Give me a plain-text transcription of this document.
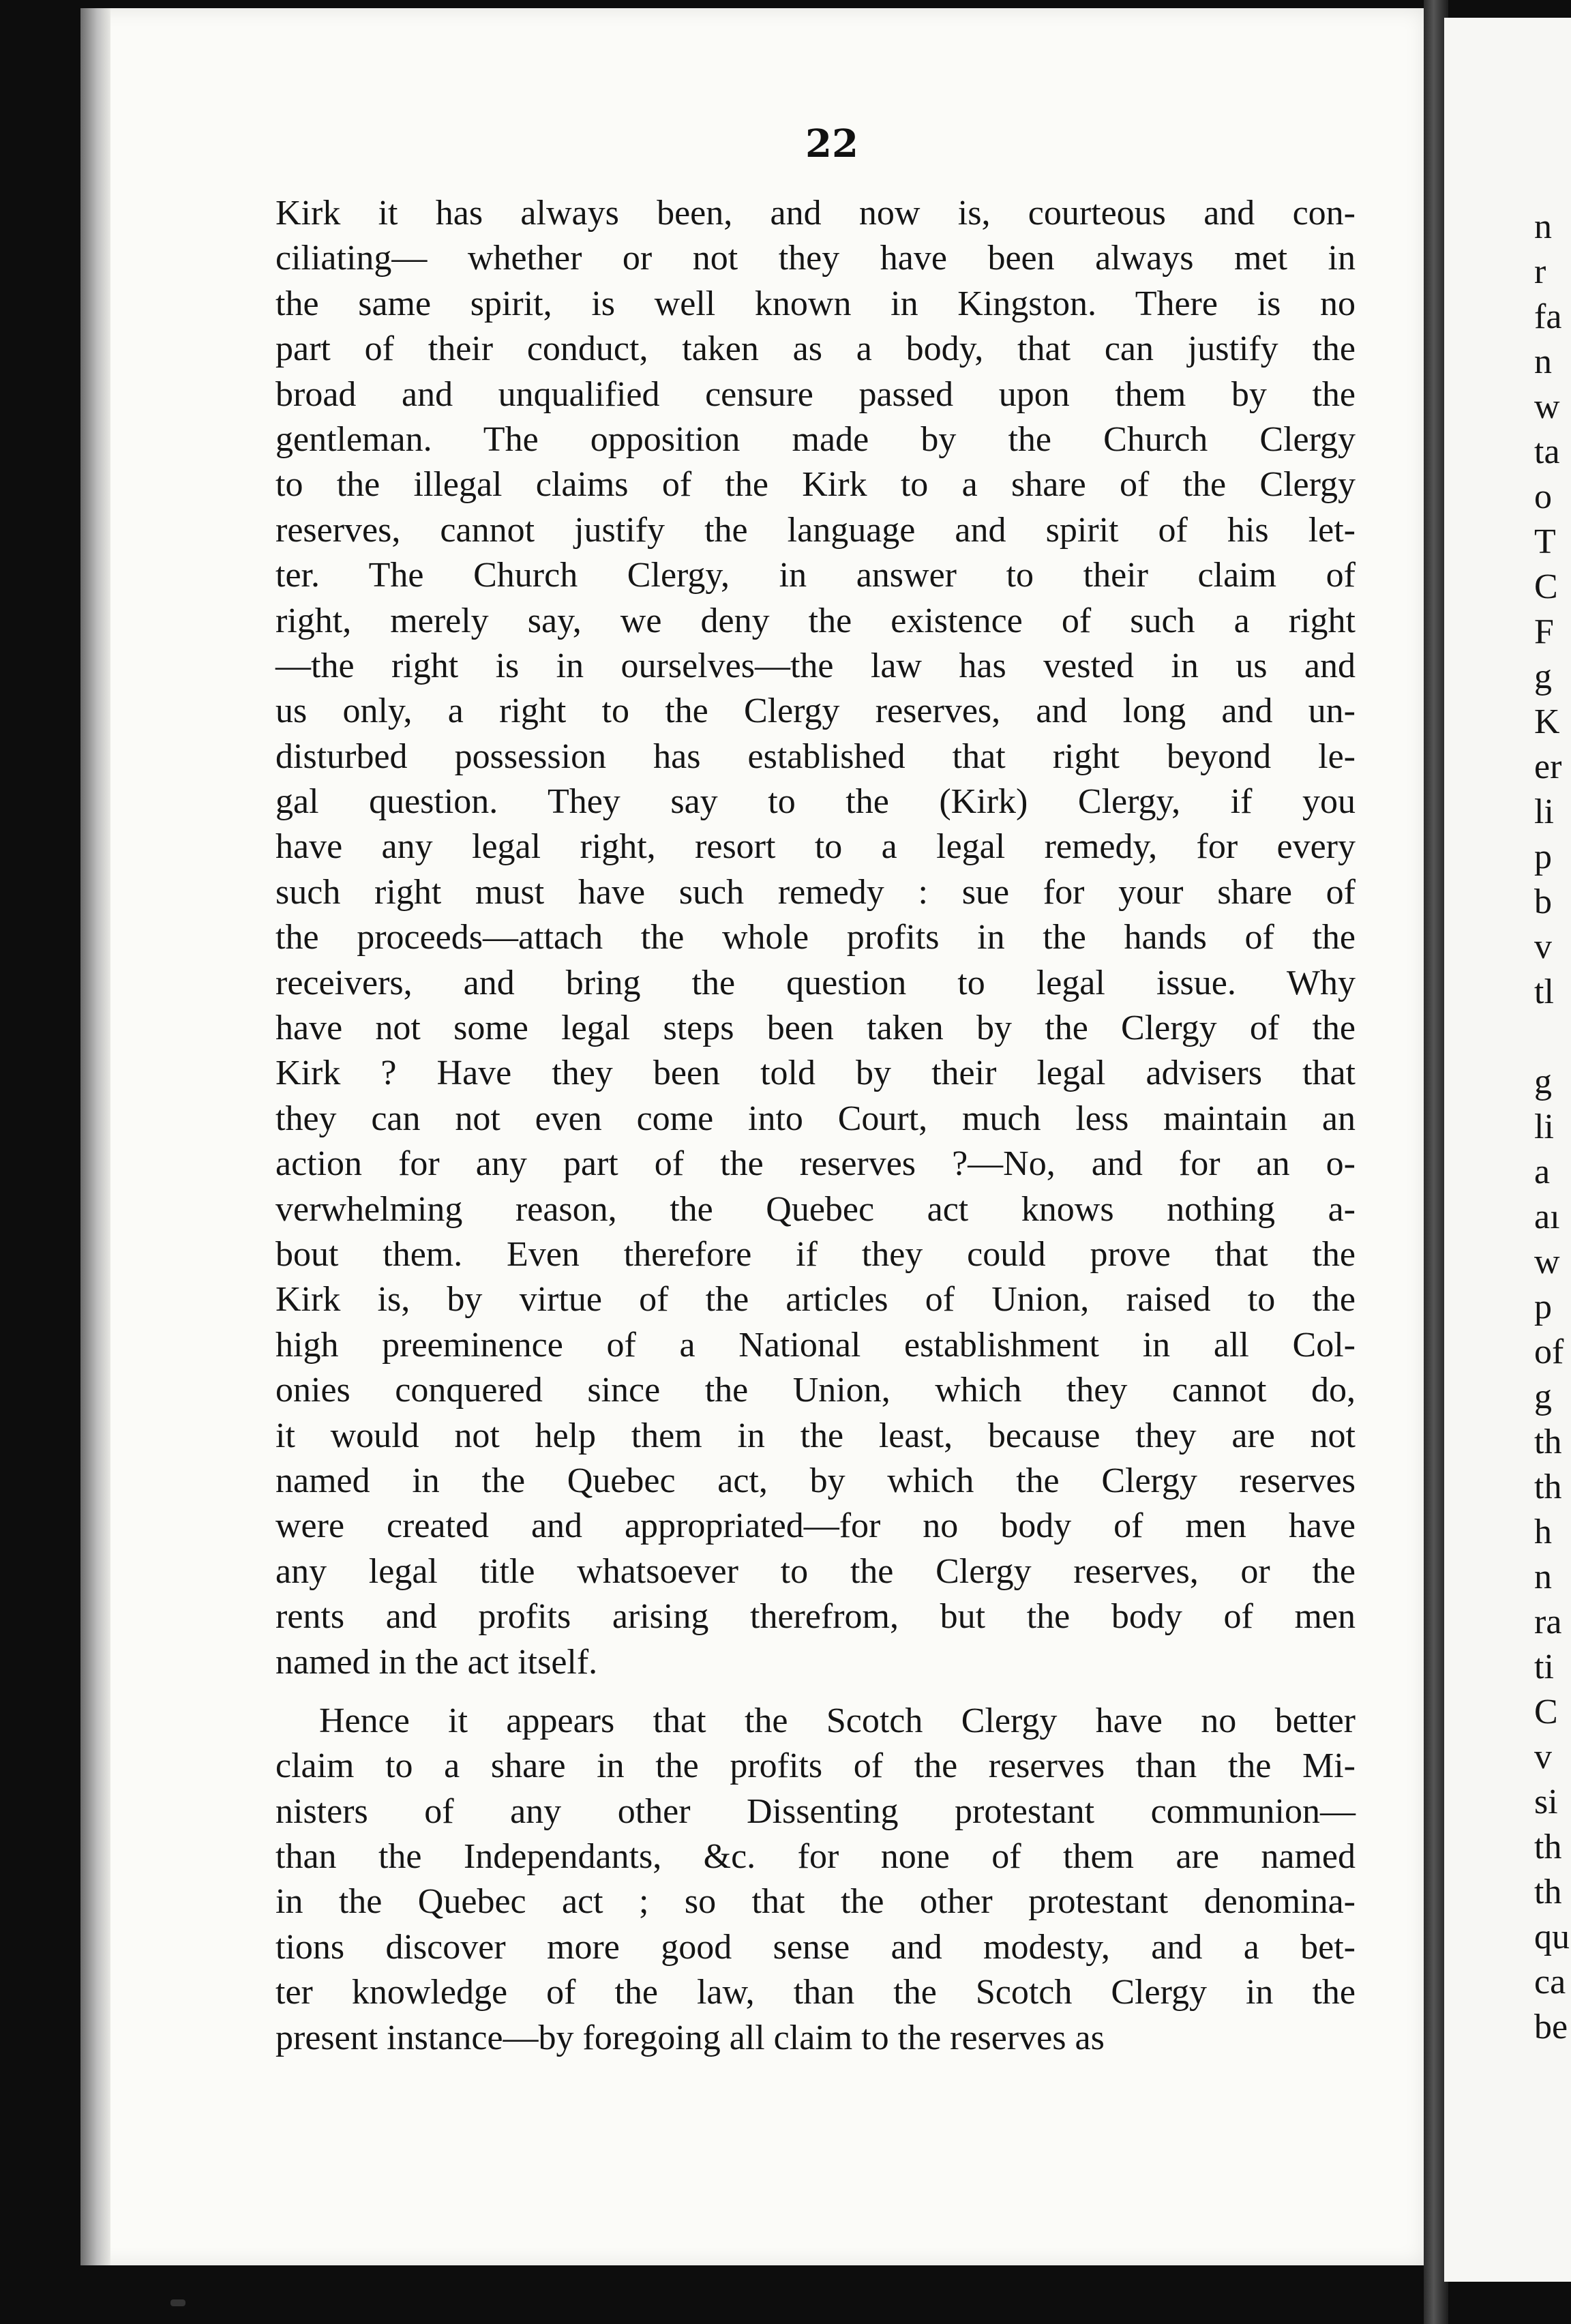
22
Kirk it has always been, and now is, courteous and con-
ciliating— whether or not they have been always met in
the same spirit, is well known in Kingston. There is no
part of their conduct, taken as a body, that can justify the
broad and unqualified censure passed upon them by the
gentleman. The opposition made by the Church Clergy
to the illegal claims of the Kirk to a share of the Clergy
reserves, cannot justify the language and spirit of his let-
ter. The Church Clergy, in answer to their claim of
right, merely say, we deny the existence of such a right
—the right is in ourselves—the law has vested in us and
us only, a right to the Clergy reserves, and long and un-
disturbed possession has established that right beyond le-
gal question. They say to the (Kirk) Clergy, if you
have any legal right, resort to a legal remedy, for every
such right must have such remedy : sue for your share of
the proceeds—attach the whole profits in the hands of the
receivers, and bring the question to legal issue. Why
have not some legal steps been taken by the Clergy of the
Kirk ? Have they been told by their legal advisers that
they can not even come into Court, much less maintain an
action for any part of the reserves ?—No, and for an o-
verwhelming reason, the Quebec act knows nothing a-
bout them. Even therefore if they could prove that the
Kirk is, by virtue of the articles of Union, raised to the
high preeminence of a National establishment in all Col-
onies conquered since the Union, which they cannot do,
it would not help them in the least, because they are not
named in the Quebec act, by which the Clergy reserves
were created and appropriated—for no body of men have
any legal title whatsoever to the Clergy reserves, or the
rents and profits arising therefrom, but the body of men
named in the act itself.
Hence it appears that the Scotch Clergy have no better
claim to a share in the profits of the reserves than the Mi-
nisters of any other Dissenting protestant communion—
than the Independants, &c. for none of them are named
in the Quebec act ; so that the other protestant denomina-
tions discover more good sense and modesty, and a bet-
ter knowledge of the law, than the Scotch Clergy in the
present instance—by foregoing all claim to the reserves as
n
r
fa
n
w
ta
o
T
C
F
g
K
er
li
p
b
v
tl
g
li
a
aı
w
p
of
g
th
th
h
n
ra
ti
C
v
si
th
th
qu
ca
be
